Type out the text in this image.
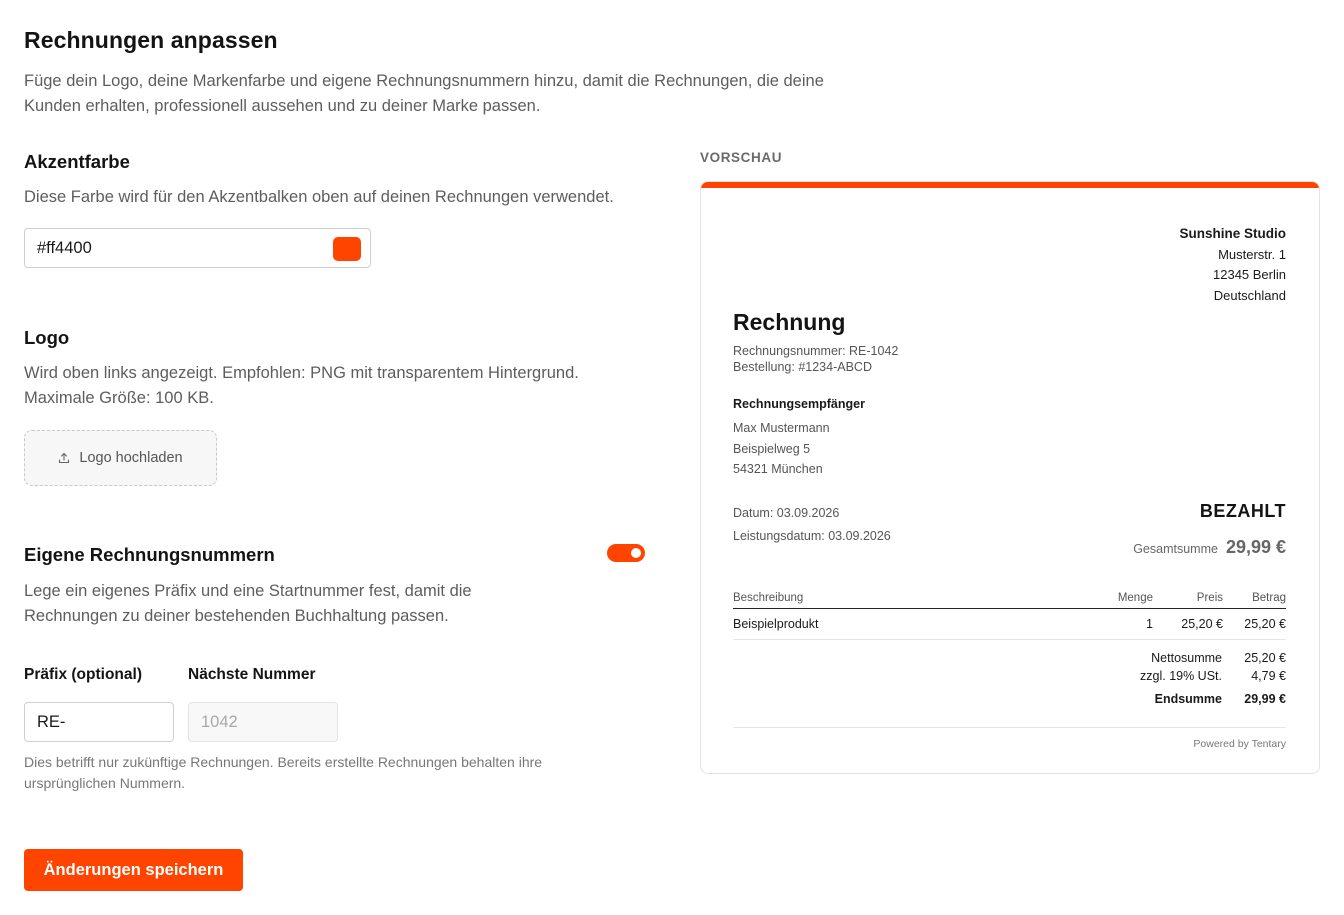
Rechnungen anpassen

Füge dein Logo, deine Markenfarbe und eigene Rechnungsnummern hinzu, damit die Rechnungen, die deine Kunden erhalten, professionell aussehen und zu deiner Marke passen.

Akzentfarbe

Diese Farbe wird für den Akzentbalken oben auf deinen Rechnungen verwendet.

#ff4400
Logo

Wird oben links angezeigt. Empfohlen: PNG mit transparentem Hintergrund.

Maximale Größe: 100 KB.

Logo hochladen
Eigene Rechnungsnummern

Lege ein eigenes Präfix und eine Startnummer fest, damit die Rechnungen zu deiner bestehenden Buchhaltung passen.

Präfix (optional)	Nächste Nummer
RE-	1042

Dies betrifft nur zukünftige Rechnungen. Bereits erstellte Rechnungen behalten ihre ursprünglichen Nummern.

Änderungen speichern
VORSCHAU
Sunshine Studio
Musterstr. 1
12345 Berlin
Deutschland
Rechnung
Rechnungsnummer: RE-1042
Bestellung: #1234-ABCD
Rechnungsempfänger
Max Mustermann
Beispielweg 5
54321 München
Datum: 03.09.2026
Leistungsdatum: 03.09.2026
BEZAHLT
Gesamtsumme 29,99 €
Beschreibung	Menge	Preis	Betrag
Beispielprodukt	1	25,20 €	25,20 €
Nettosumme	25,20 €
zzgl. 19% USt.	4,79 €
Endsumme	29,99 €
Powered by Tentary
